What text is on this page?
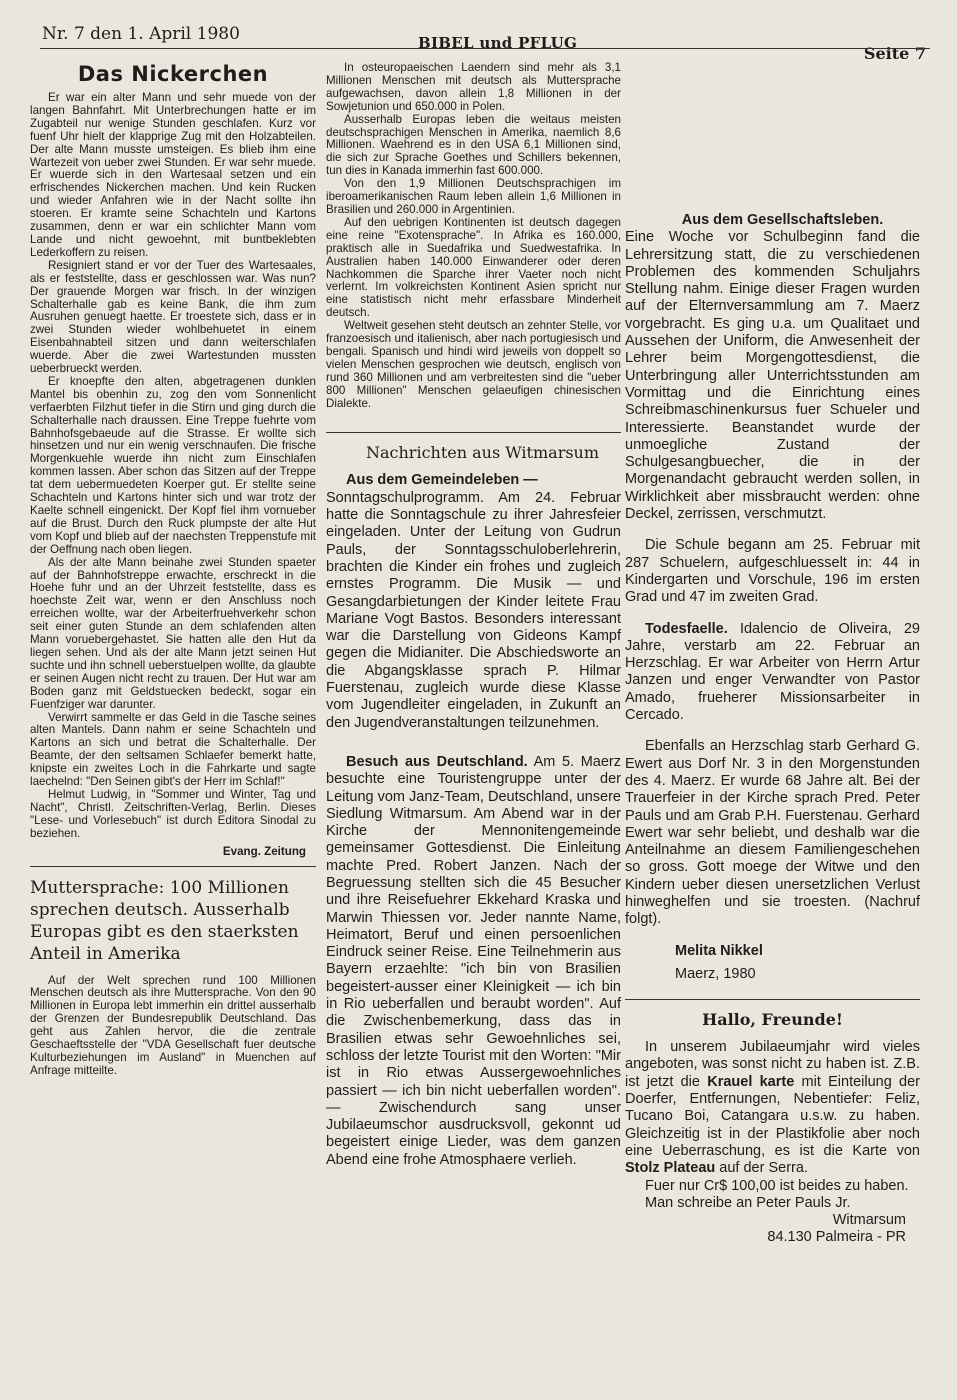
Nr. 7 den 1. April 1980	BIBEL und PFLUG
Seite 7
Das Nickerchen

Er war ein alter Mann und sehr muede von der langen Bahnfahrt. Mit Unterbrechungen hatte er im Zugabteil nur wenige Stunden geschlafen. Kurz vor fuenf Uhr hielt der klapprige Zug mit den Holzabteilen. Der alte Mann musste umsteigen. Es blieb ihm eine Wartezeit von ueber zwei Stunden. Er war sehr muede. Er wuerde sich in den Wartesaal setzen und ein erfrischendes Nickerchen machen. Und kein Rucken und wieder Anfahren wie in der Nacht sollte ihn stoeren. Er kramte seine Schachteln und Kartons zusammen, denn er war ein schlichter Mann vom Lande und nicht gewoehnt, mit buntbeklebten Lederkoffern zu reisen.

Resigniert stand er vor der Tuer des Wartesaales, als er feststellte, dass er geschlossen war. Was nun? Der grauende Morgen war frisch. In der winzigen Schalterhalle gab es keine Bank, die ihm zum Ausruhen genuegt haette. Er troestete sich, dass er in zwei Stunden wieder wohlbehuetet in einem Eisenbahnabteil sitzen und dann weiterschlafen wuerde. Aber die zwei Wartestunden mussten ueberbrueckt werden.

Er knoepfte den alten, abgetragenen dunklen Mantel bis obenhin zu, zog den vom Sonnenlicht verfaerbten Filzhut tiefer in die Stirn und ging durch die Schalterhalle nach draussen. Eine Treppe fuehrte vom Bahnhofsgebaeude auf die Strasse. Er wollte sich hinsetzen und nur ein wenig verschnaufen. Die frische Morgenkuehle wuerde ihn nicht zum Einschlafen kommen lassen. Aber schon das Sitzen auf der Treppe tat dem uebermuedeten Koerper gut. Er stellte seine Schachteln und Kartons hinter sich und war trotz der Kaelte schnell eingenickt. Der Kopf fiel ihm vornueber auf die Brust. Durch den Ruck plumpste der alte Hut vom Kopf und blieb auf der naechsten Treppenstufe mit der Oeffnung nach oben liegen.

Als der alte Mann beinahe zwei Stunden spaeter auf der Bahnhofstreppe erwachte, erschreckt in die Hoehe fuhr und an der Uhrzeit feststellte, dass es hoechste Zeit war, wenn er den Anschluss noch erreichen wollte, war der Arbeiterfruehverkehr schon seit einer guten Stunde an dem schlafenden alten Mann voruebergehastet. Sie hatten alle den Hut da liegen sehen. Und als der alte Mann jetzt seinen Hut suchte und ihn schnell ueberstuelpen wollte, da glaubte er seinen Augen nicht recht zu trauen. Der Hut war am Boden ganz mit Geldstuecken bedeckt, sogar ein Fuenfziger war darunter.

Verwirrt sammelte er das Geld in die Tasche seines alten Mantels. Dann nahm er seine Schachteln und Kartons an sich und betrat die Schalterhalle. Der Beamte, der den seltsamen Schlaefer bemerkt hatte, knipste ein zweites Loch in die Fahrkarte und sagte laechelnd: "Den Seinen gibt's der Herr im Schlaf!"

Helmut Ludwig, in "Sommer und Winter, Tag und Nacht", Christl. Zeitschriften-Verlag, Berlin. Dieses "Lese- und Vorlesebuch" ist durch Editora Sinodal zu beziehen.

Evang. Zeitung
Muttersprache: 100 Millionen sprechen deutsch. Ausserhalb Europas gibt es den staerksten Anteil in Amerika

Auf der Welt sprechen rund 100 Millionen Menschen deutsch als ihre Muttersprache. Von den 90 Millionen in Europa lebt immerhin ein drittel ausserhalb der Grenzen der Bundesrepublik Deutschland. Das geht aus Zahlen hervor, die die zentrale Geschaeftsstelle der "VDA Gesellschaft fuer deutsche Kulturbeziehungen im Ausland" in Muenchen auf Anfrage mitteilte.

In osteuropaeischen Laendern sind mehr als 3,1 Millionen Menschen mit deutsch als Muttersprache aufgewachsen, davon allein 1,8 Millionen in der Sowjetunion und 650.000 in Polen.

Ausserhalb Europas leben die weitaus meisten deutschsprachigen Menschen in Amerika, naemlich 8,6 Millionen. Waehrend es in den USA 6,1 Millionen sind, die sich zur Sprache Goethes und Schillers bekennen, tun dies in Kanada immerhin fast 600.000.

Von den 1,9 Millionen Deutschsprachigen im iberoamerikanischen Raum leben allein 1,6 Millionen in Brasilien und 260.000 in Argentinien.

Auf den uebrigen Kontinenten ist deutsch dagegen eine reine "Exotensprache". In Afrika es 160.000, praktisch alle in Suedafrika und Suedwestafrika. In Australien haben 140.000 Einwanderer oder deren Nachkommen die Sparche ihrer Vaeter noch nicht verlernt. Im volkreichsten Kontinent Asien spricht nur eine statistisch nicht mehr erfassbare Minderheit deutsch.

Weltweit gesehen steht deutsch an zehnter Stelle, vor franzoesisch und italienisch, aber nach portugiesisch und bengali. Spanisch und hindi wird jeweils von doppelt so vielen Menschen gesprochen wie deutsch, englisch von rund 360 Millionen und am verbreitesten sind die "ueber 800 Millionen" Menschen gelaeufigen chinesischen Dialekte.

Nachrichten aus Witmarsum

Aus dem Gemeindeleben —

Sonntagschulprogramm. Am 24. Februar hatte die Sonntagschule zu ihrer Jahresfeier eingeladen. Unter der Leitung von Gudrun Pauls, der Sonntagsschuloberlehrerin, brachten die Kinder ein frohes und zugleich ernstes Programm. Die Musik — und Gesangdarbietungen der Kinder leitete Frau Mariane Vogt Bastos. Besonders interessant war die Darstellung von Gideons Kampf gegen die Midianiter. Die Abschiedsworte an die Abgangsklasse sprach P. Hilmar Fuerstenau, zugleich wurde diese Klasse vom Jugendleiter eingeladen, in Zukunft an den Jugendveranstaltungen teilzunehmen.

Besuch aus Deutschland. Am 5. Maerz besuchte eine Touristengruppe unter der Leitung vom Janz-Team, Deutschland, unsere Siedlung Witmarsum. Am Abend war in der Kirche der Mennonitengemeinde gemeinsamer Gottesdienst. Die Einleitung machte Pred. Robert Janzen. Nach der Begruessung stellten sich die 45 Besucher und ihre Reisefuehrer Ekkehard Kraska und Marwin Thiessen vor. Jeder nannte Name, Heimatort, Beruf und einen persoenlichen Eindruck seiner Reise. Eine Teilnehmerin aus Bayern erzaehlte: "ich bin von Brasilien begeistert-ausser einer Kleinigkeit — ich bin in Rio ueberfallen und beraubt worden". Auf die Zwischenbemerkung, dass das in Brasilien etwas sehr Gewoehnliches sei, schloss der letzte Tourist mit den Worten: "Mir ist in Rio etwas Aussergewoehnliches passiert — ich bin nicht ueberfallen worden". — Zwischendurch sang unser Jubilaeumschor ausdrucksvoll, gekonnt ud begeistert einige Lieder, was dem ganzen Abend eine frohe Atmosphaere verlieh.

Aus dem Gesellschaftsleben.

Eine Woche vor Schulbeginn fand die Lehrersitzung statt, die zu verschiedenen Problemen des kommenden Schuljahrs Stellung nahm. Einige dieser Fragen wurden auf der Elternversammlung am 7. Maerz vorgebracht. Es ging u.a. um Qualitaet und Aussehen der Uniform, die Anwesenheit der Lehrer beim Morgengottesdienst, die Unterbringung aller Unterrichtsstunden am Vormittag und die Einrichtung eines Schreibmaschinenkursus fuer Schueler und Interessierte. Beanstandet wurde der unmoegliche Zustand der Schulgesangbuecher, die in der Morgenandacht gebraucht werden sollen, in Wirklichkeit aber missbraucht werden: ohne Deckel, zerrissen, verschmutzt.

Die Schule begann am 25. Februar mit 287 Schuelern, aufgeschluesselt in: 44 in Kindergarten und Vorschule, 196 im ersten Grad und 47 im zweiten Grad.

Todesfaelle. Idalencio de Oliveira, 29 Jahre, verstarb am 22. Februar an Herzschlag. Er war Arbeiter von Herrn Artur Janzen und enger Verwandter von Pastor Amado, frueherer Missionsarbeiter in Cercado.

Ebenfalls an Herzschlag starb Gerhard G. Ewert aus Dorf Nr. 3 in den Morgenstunden des 4. Maerz. Er wurde 68 Jahre alt. Bei der Trauerfeier in der Kirche sprach Pred. Peter Pauls und am Grab P.H. Fuerstenau. Gerhard Ewert war sehr beliebt, und deshalb war die Anteilnahme an diesem Familiengeschehen so gross. Gott moege der Witwe und den Kindern ueber diesen unersetzlichen Verlust hinweghelfen und sie troesten. (Nachruf folgt).

Melita Nikkel

Maerz, 1980

Hallo, Freunde!

In unserem Jubilaeumjahr wird vieles angeboten, was sonst nicht zu haben ist. Z.B. ist jetzt die Krauel karte mit Einteilung der Doerfer, Entfernungen, Nebentiefer: Feliz, Tucano Boi, Catangara u.s.w. zu haben. Gleichzeitig ist in der Plastikfolie aber noch eine Ueberraschung, es ist die Karte von Stolz Plateau auf der Serra.

Fuer nur Cr$ 100,00 ist beides zu haben.

Man schreibe an Peter Pauls Jr.

Witmarsum

84.130 Palmeira - PR
